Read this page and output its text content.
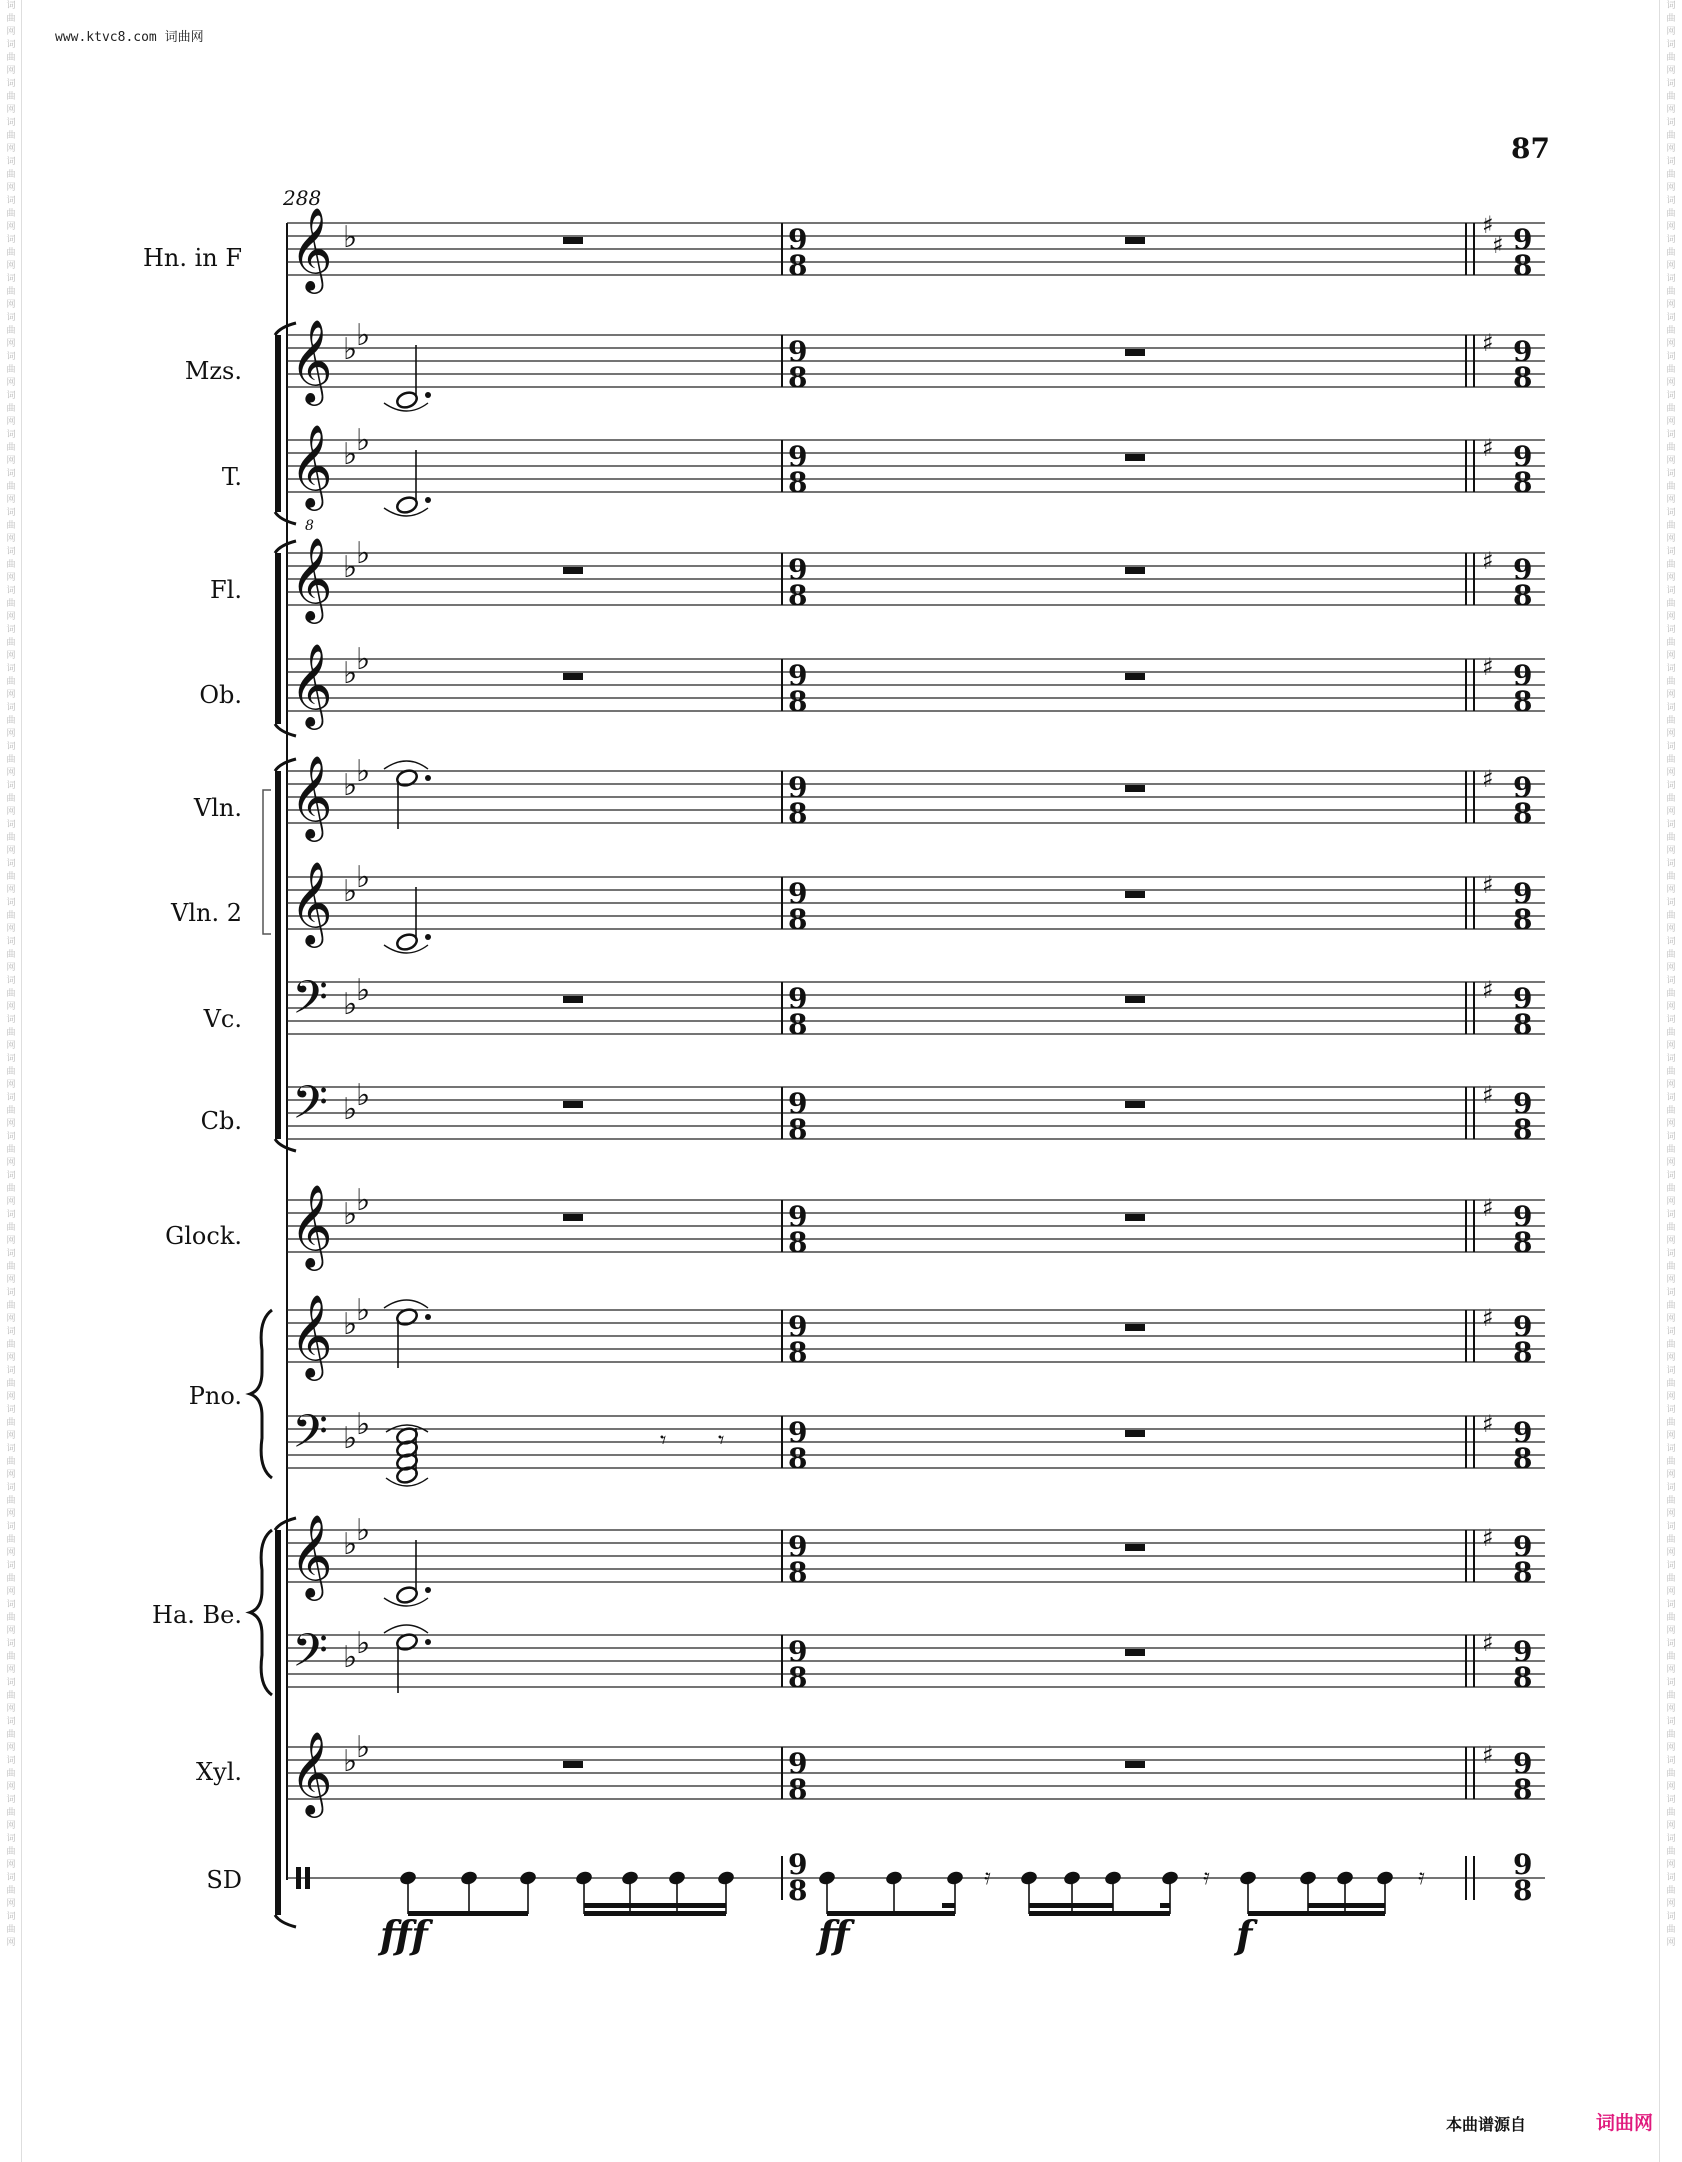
词曲网词曲网词曲网词曲网词曲网词曲网词曲网词曲网词曲网词曲网词曲网词曲网词曲网词曲网词曲网词曲网词曲网词曲网词曲网词曲网词曲网词曲网词曲网词曲网词曲网词曲网词曲网词曲网词曲网词曲网词曲网词曲网词曲网词曲网词曲网词曲网词曲网词曲网词曲网词曲网词曲网词曲网词曲网词曲网词曲网词曲网词曲网词曲网词曲网词曲网
词曲网词曲网词曲网词曲网词曲网词曲网词曲网词曲网词曲网词曲网词曲网词曲网词曲网词曲网词曲网词曲网词曲网词曲网词曲网词曲网词曲网词曲网词曲网词曲网词曲网词曲网词曲网词曲网词曲网词曲网词曲网词曲网词曲网词曲网词曲网词曲网词曲网词曲网词曲网词曲网词曲网词曲网词曲网词曲网词曲网词曲网词曲网词曲网词曲网词曲网
www.ktvc8.com 词曲网
87
288
Hn. in F
Mzs.
T.
Fl.
Ob.
Vln.
Vln. 2
Vc.
Cb.
Glock.
Pno.
Ha. Be.
Xyl.
SD
𝄞 ♭	9
8
9
8
♯
♯
𝄞 ♭
♭	9
8
9
8
♯
𝄞
8
♭
♭	9
8
9
8
♯
𝄞 ♭
♭	9
8
9
8
♯
𝄞 ♭
♭	9
8
9
8
♯
𝄞 ♭
♭	9
8
9
8
♯
𝄞 ♭
♭	9
8
9
8
♯
𝄢 ♭
♭	9
8
9
8
♯
𝄢 ♭
♭	9
8
9
8
♯
𝄞 ♭
♭	9
8
9
8
♯
𝄞 ♭
♭	9
8
9
8
♯
𝄢 ♭
♭	9
8
9
8
♯
𝄾 𝄾
𝄞 ♭
♭	9
8
9
8
♯
𝄢 ♭
♭	9
8
9
8
♯
𝄞 ♭
♭	9
8
9
8
♯
9
8
9
8
𝄿	𝄿	𝄿
fff	ff	f
本曲谱源自	词曲网
